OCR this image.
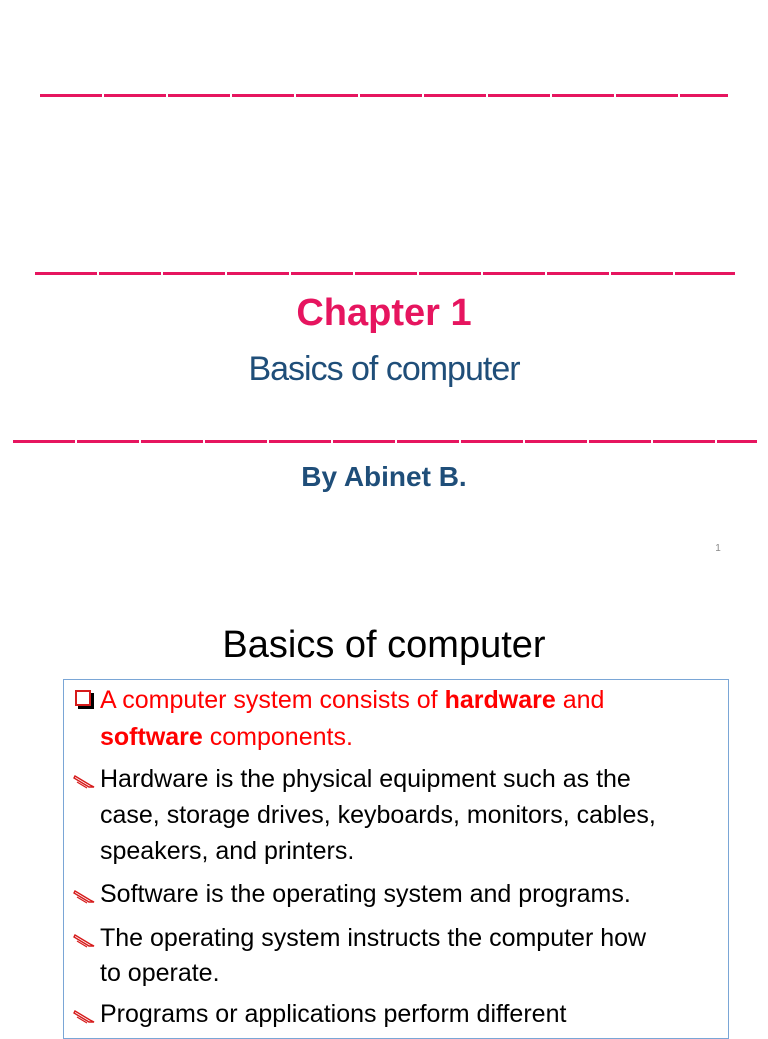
Chapter 1
Basics of computer
By Abinet B.
1
Basics of computer
A computer system consists of hardware and
software components.
Hardware is the physical equipment such as the
case, storage drives, keyboards, monitors, cables,
speakers, and printers.
Software is the operating system and programs.
The operating system instructs the computer how
to operate.
Programs or applications perform different
